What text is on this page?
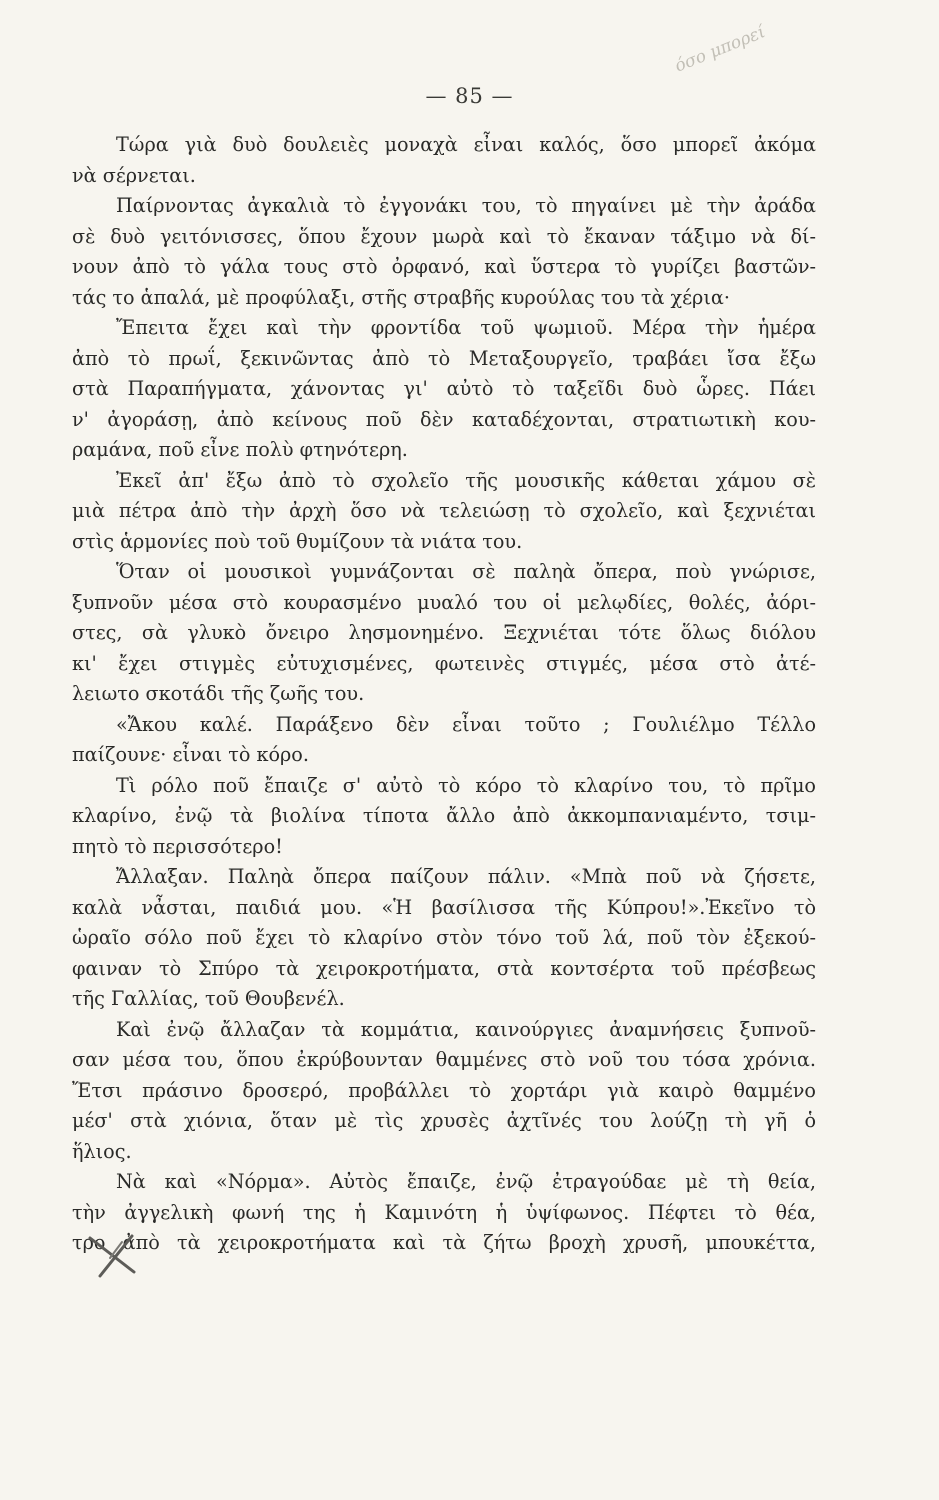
— 85 —
όσο μπορεί
Τώρα γιὰ δυὸ δουλειὲς μοναχὰ εἶναι καλός, ὅσο μπορεῖ ἀκόμα
νὰ σέρνεται.
Παίρνοντας ἀγκαλιὰ τὸ ἐγγονάκι του, τὸ πηγαίνει μὲ τὴν ἀράδα
σὲ δυὸ γειτόνισσες, ὅπου ἔχουν μωρὰ καὶ τὸ ἔκαναν τάξιμο νὰ δί-
νουν ἀπὸ τὸ γάλα τους στὸ ὀρφανό, καὶ ὕστερα τὸ γυρίζει βαστῶν-
τάς το ἁπαλά, μὲ προφύλαξι, στῆς στραβῆς κυρούλας του τὰ χέρια·
Ἔπειτα ἔχει καὶ τὴν φροντίδα τοῦ ψωμιοῦ. Μέρα τὴν ἡμέρα
ἀπὸ τὸ πρωΐ, ξεκινῶντας ἀπὸ τὸ Μεταξουργεῖο, τραβάει ἴσα ἔξω
στὰ Παραπήγματα, χάνοντας γι' αὐτὸ τὸ ταξεῖδι δυὸ ὧρες. Πάει
ν' ἀγοράσῃ, ἀπὸ κείνους ποῦ δὲν καταδέχονται, στρατιωτικὴ κου-
ραμάνα, ποῦ εἶνε πολὺ φτηνότερη.
Ἐκεῖ ἀπ' ἔξω ἀπὸ τὸ σχολεῖο τῆς μουσικῆς κάθεται χάμου σὲ
μιὰ πέτρα ἀπὸ τὴν ἀρχὴ ὅσο νὰ τελειώσῃ τὸ σχολεῖο, καὶ ξεχνιέται
στὶς ἁρμονίες ποὺ τοῦ θυμίζουν τὰ νιάτα του.
Ὅταν οἱ μουσικοὶ γυμνάζονται σὲ παληὰ ὄπερα, ποὺ γνώρισε,
ξυπνοῦν μέσα στὸ κουρασμένο μυαλό του οἱ μελῳδίες, θολές, ἀόρι-
στες, σὰ γλυκὸ ὄνειρο λησμονημένο. Ξεχνιέται τότε ὅλως διόλου
κι' ἔχει στιγμὲς εὐτυχισμένες, φωτεινὲς στιγμές, μέσα στὸ ἀτέ-
λειωτο σκοτάδι τῆς ζωῆς του.
«Ἄκου καλέ. Παράξενο δὲν εἶναι τοῦτο ; Γουλιέλμο Τέλλο
παίζουνε· εἶναι τὸ κόρο.
Τὶ ρόλο ποῦ ἔπαιζε σ' αὐτὸ τὸ κόρο τὸ κλαρίνο του, τὸ πρῖμο
κλαρίνο, ἐνῷ τὰ βιολίνα τίποτα ἄλλο ἀπὸ ἀκκομπανιαμέντο, τσιμ-
πητὸ τὸ περισσότερο!
Ἄλλαξαν. Παληὰ ὄπερα παίζουν πάλιν. «Μπὰ ποῦ νὰ ζήσετε,
καλὰ νἆσται, παιδιά μου. «Ἡ βασίλισσα τῆς Κύπρου!».Ἐκεῖνο τὸ
ὡραῖο σόλο ποῦ ἔχει τὸ κλαρίνο στὸν τόνο τοῦ λά, ποῦ τὸν ἐξεκού-
φαιναν τὸ Σπύρο τὰ χειροκροτήματα, στὰ κοντσέρτα τοῦ πρέσβεως
τῆς Γαλλίας, τοῦ Θουβενέλ.
Καὶ ἐνῷ ἄλλαζαν τὰ κομμάτια, καινούργιες ἀναμνήσεις ξυπνοῦ-
σαν μέσα του, ὅπου ἐκρύβουνταν θαμμένες στὸ νοῦ του τόσα χρόνια.
Ἔτσι πράσινο δροσερό, προβάλλει τὸ χορτάρι γιὰ καιρὸ θαμμένο
μέσ' στὰ χιόνια, ὅταν μὲ τὶς χρυσὲς ἀχτῖνές του λούζῃ τὴ γῆ ὁ
ἥλιος.
Νὰ καὶ «Νόρμα». Αὐτὸς ἔπαιζε, ἐνῷ ἐτραγούδαε μὲ τὴ θεία,
τὴν ἀγγελικὴ φωνή της ἡ Καμινότη ἡ ὑψίφωνος. Πέφτει τὸ θέα,
τρο ἀπὸ τὰ χειροκροτήματα καὶ τὰ ζήτω βροχὴ χρυσῆ, μπουκέττα,
